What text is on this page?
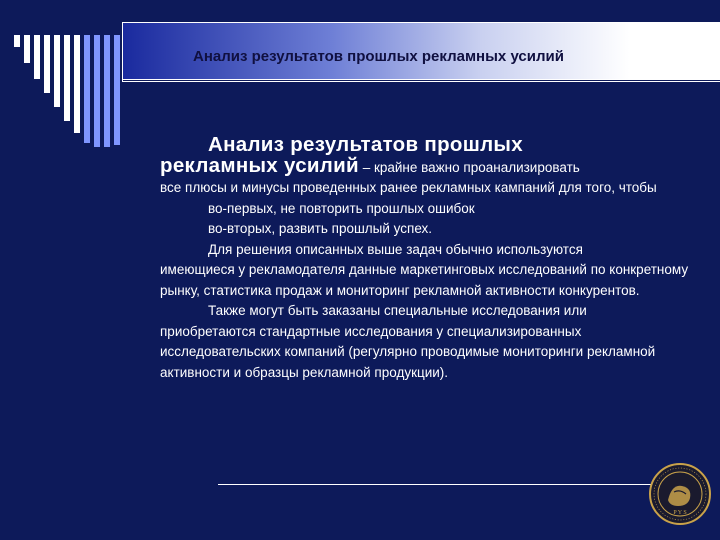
Анализ результатов прошлых рекламных усилий

Анализ результатов прошлых

рекламных усилий – крайне важно проанализировать

все плюсы и минусы проведенных ранее рекламных кампаний для того, чтобы

во-первых, не повторить прошлых ошибок

во-вторых, развить прошлый успех.

Для решения описанных выше задач обычно используются

имеющиеся у рекламодателя данные маркетинговых исследований по конкретному рынку, статистика продаж и мониторинг рекламной активности конкурентов.

Также могут быть заказаны специальные исследования или

приобретаются стандартные исследования у специализированных исследовательских компаний (регулярно проводимые мониторинги рекламной активности и образцы рекламной продукции).

P Y S
